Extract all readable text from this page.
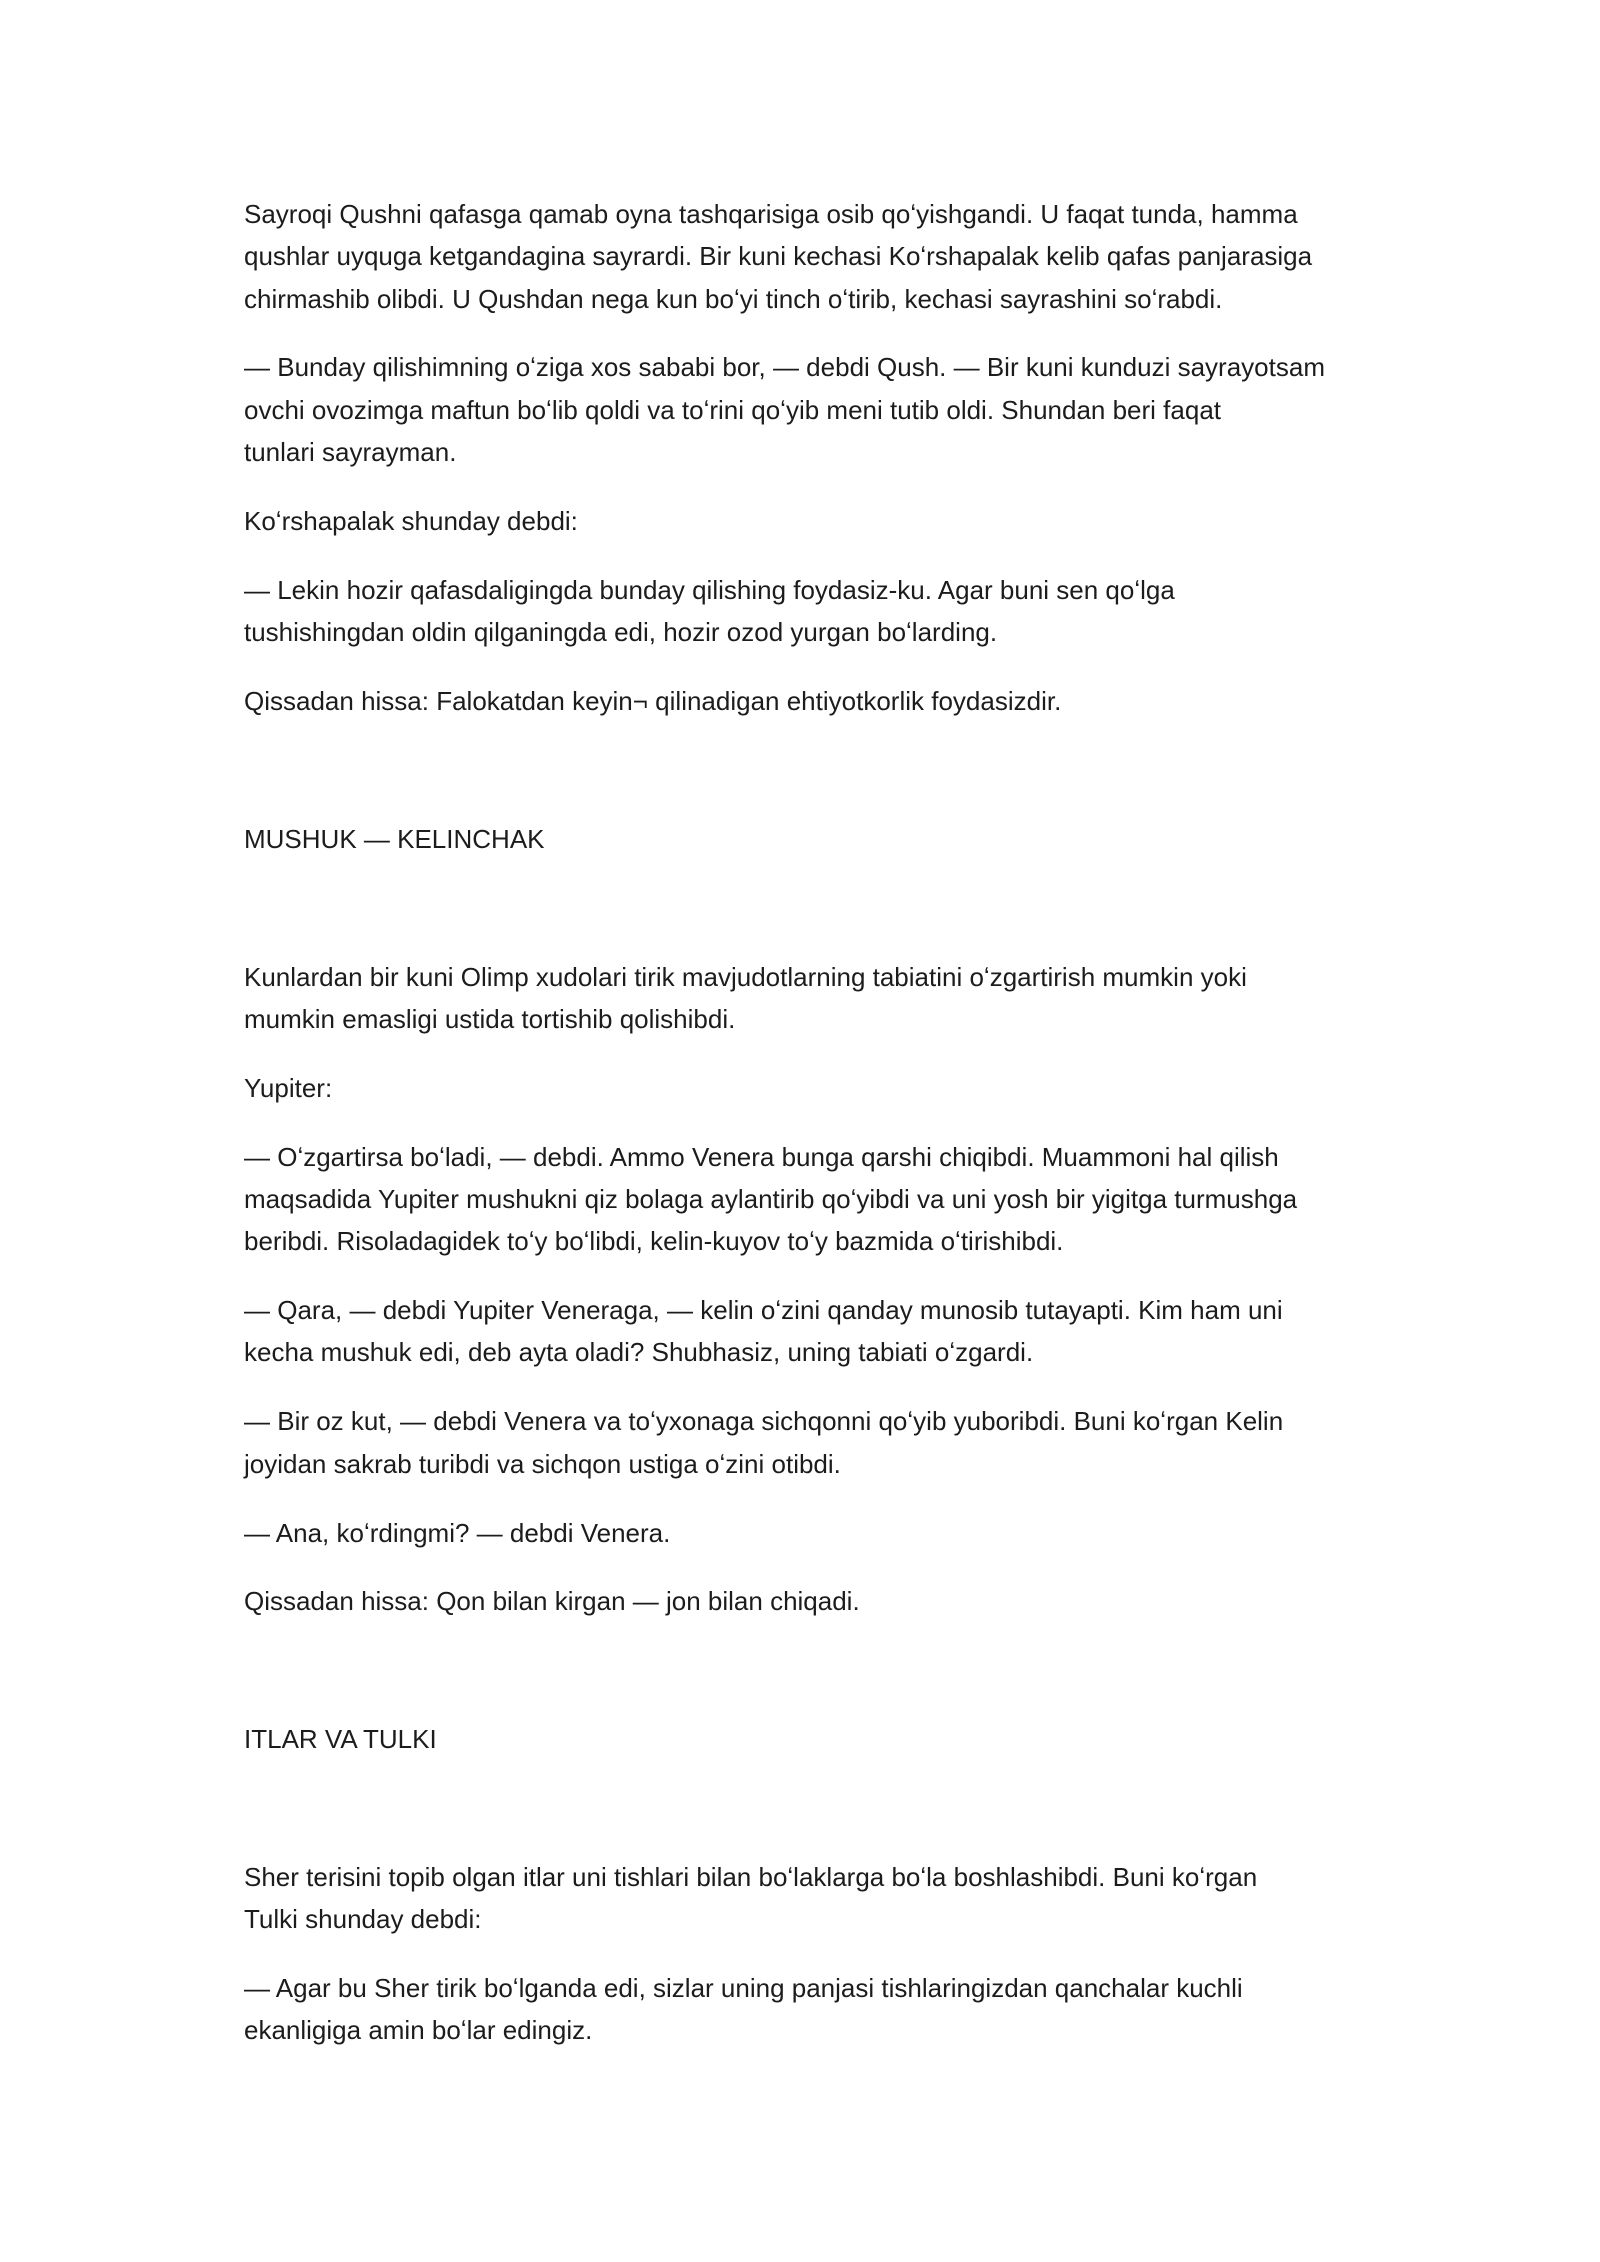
Sayroqi Qushni qafasga qamab oyna tashqarisiga osib qoʻyishgandi. U faqat tunda, hamma
qushlar uyquga ketgandagina sayrardi. Bir kuni kechasi Koʻrshapalak kelib qafas panjarasiga
chirmashib olibdi. U Qushdan nega kun boʻyi tinch oʻtirib, kechasi sayrashini soʻrabdi.

— Bunday qilishimning oʻziga xos sababi bor, — debdi Qush. — Bir kuni kunduzi sayrayotsam
ovchi ovozimga maftun boʻlib qoldi va toʻrini qoʻyib meni tutib oldi. Shundan beri faqat
tunlari sayrayman.

Koʻrshapalak shunday debdi:

— Lekin hozir qafasdaligingda bunday qilishing foydasiz-ku. Agar buni sen qoʻlga
tushishingdan oldin qilganingda edi, hozir ozod yurgan boʻlarding.

Qissadan hissa: Falokatdan keyin¬ qilinadigan ehtiyotkorlik foydasizdir.

MUSHUK — KELINCHAK

Kunlardan bir kuni Olimp xudolari tirik mavjudotlarning tabiatini oʻzgartirish mumkin yoki
mumkin emasligi ustida tortishib qolishibdi.

Yupiter:

— Oʻzgartirsa boʻladi, — debdi. Ammo Venera bunga qarshi chiqibdi. Muammoni hal qilish
maqsadida Yupiter mushukni qiz bolaga aylantirib qoʻyibdi va uni yosh bir yigitga turmushga
beribdi. Risoladagidek toʻy boʻlibdi, kelin-kuyov toʻy bazmida oʻtirishibdi.

— Qara, — debdi Yupiter Veneraga, — kelin oʻzini qanday munosib tutayapti. Kim ham uni
kecha mushuk edi, deb ayta oladi? Shubhasiz, uning tabiati oʻzgardi.

— Bir oz kut, — debdi Venera va toʻyxonaga sichqonni qoʻyib yuboribdi. Buni koʻrgan Kelin
joyidan sakrab turibdi va sichqon ustiga oʻzini otibdi.

— Ana, koʻrdingmi? — debdi Venera.

Qissadan hissa: Qon bilan kirgan — jon bilan chiqadi.

ITLAR VA TULKI

Sher terisini topib olgan itlar uni tishlari bilan boʻlaklarga boʻla boshlashibdi. Buni koʻrgan
Tulki shunday debdi:

— Agar bu Sher tirik boʻlganda edi, sizlar uning panjasi tishlaringizdan qanchalar kuchli
ekanligiga amin boʻlar edingiz.
